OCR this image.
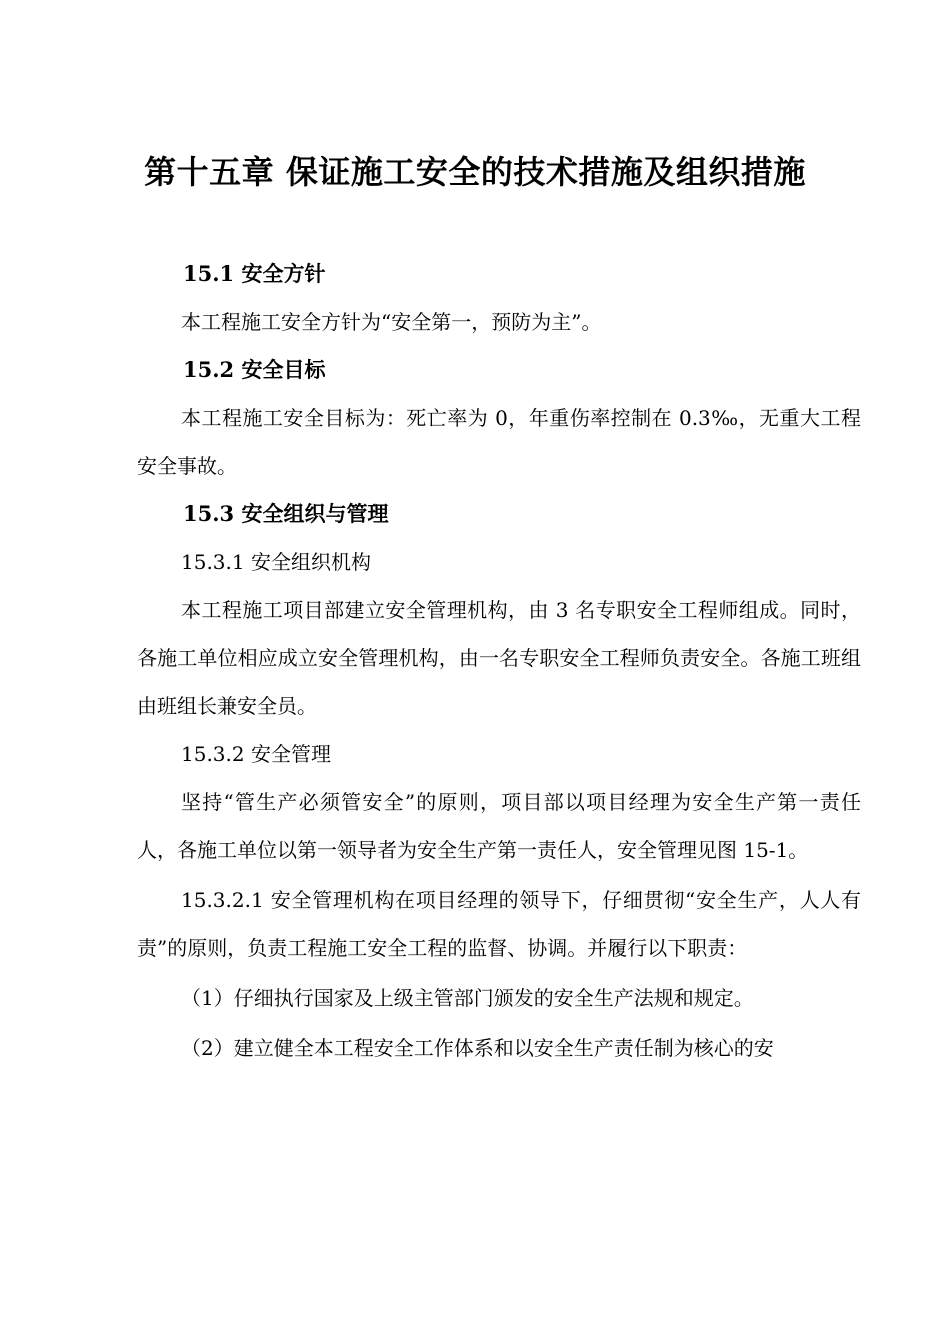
第十五章 保证施工安全的技术措施及组织措施

15.1 安全方针

本工程施工安全方针为“安全第一，预防为主”。

15.2 安全目标

本工程施工安全目标为：死亡率为 0，年重伤率控制在 0.3‰，无重大工程安全事故。

15.3 安全组织与管理

15.3.1 安全组织机构

本工程施工项目部建立安全管理机构，由 3 名专职安全工程师组成。同时，各施工单位相应成立安全管理机构，由一名专职安全工程师负责安全。各施工班组由班组长兼安全员。

15.3.2 安全管理

坚持“管生产必须管安全”的原则，项目部以项目经理为安全生产第一责任人，各施工单位以第一领导者为安全生产第一责任人，安全管理见图 15-1。

15.3.2.1 安全管理机构在项目经理的领导下，仔细贯彻“安全生产，人人有责”的原则，负责工程施工安全工程的监督、协调。并履行以下职责：

（1）仔细执行国家及上级主管部门颁发的安全生产法规和规定。

（2）建立健全本工程安全工作体系和以安全生产责任制为核心的安
